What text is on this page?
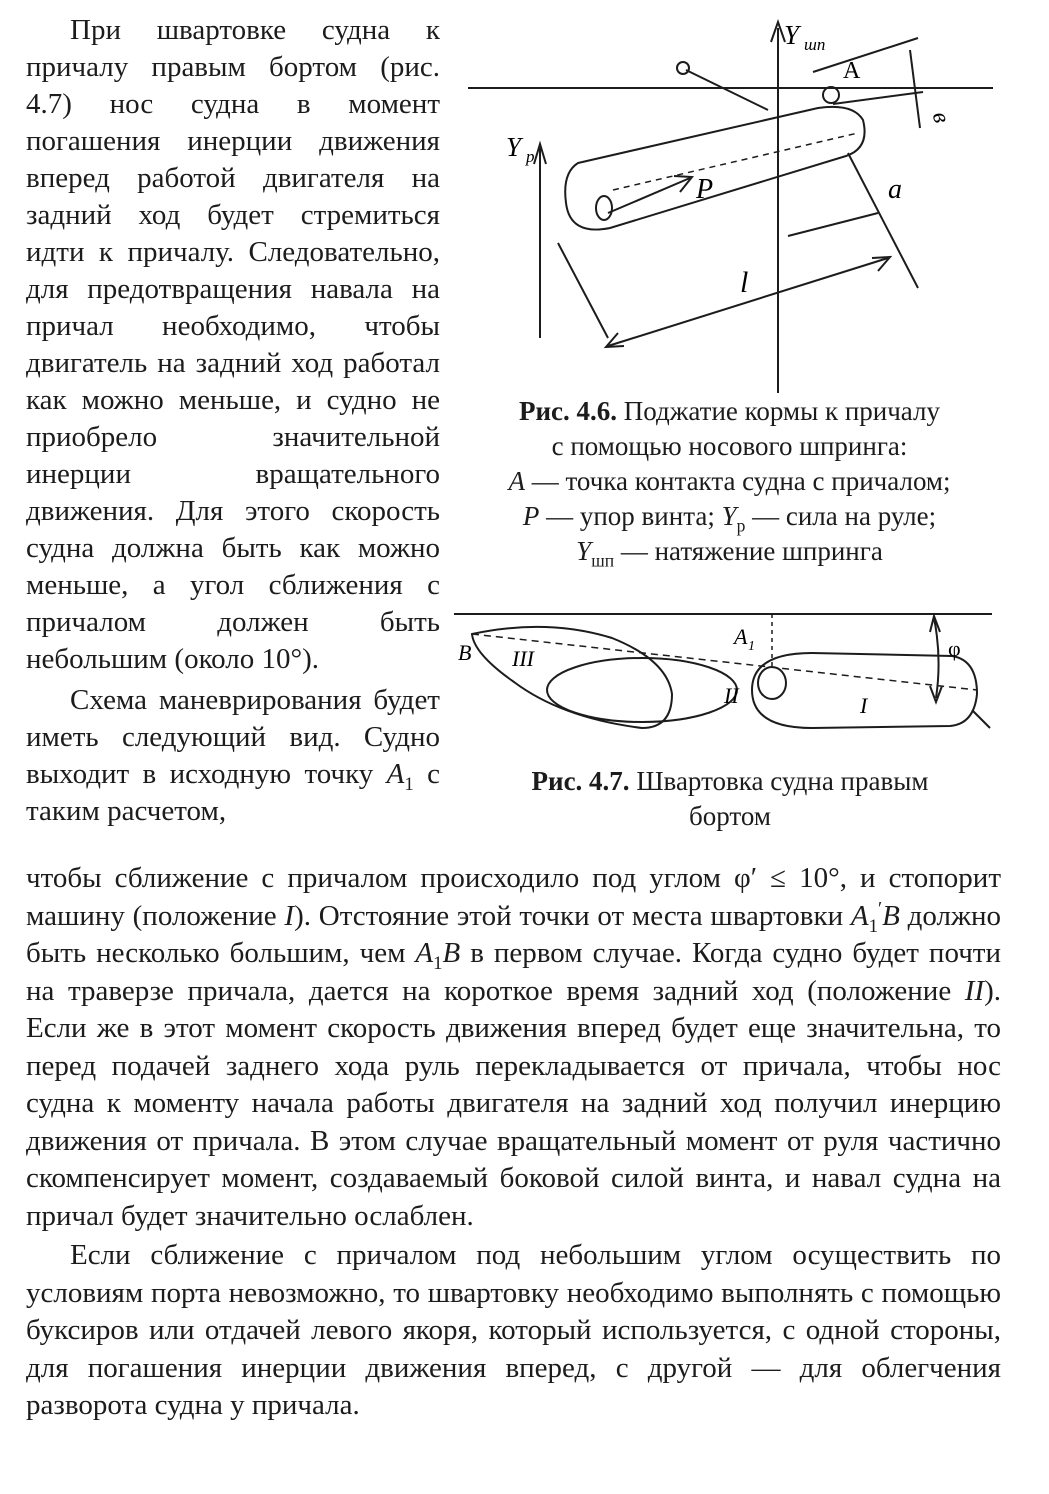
При швартовке судна к причалу правым бортом (рис. 4.7) нос судна в момент погашения инерции движения вперед работой двигателя на задний ход будет стремиться идти к причалу. Следовательно, для предотвращения навала на причал необходимо, чтобы двигатель на задний ход работал как можно меньше, и судно не приобрело значительной инерции вращательного движения. Для этого скорость судна должна быть как можно меньше, а угол сближения с причалом должен быть небольшим (около 10°).

Схема маневрирования будет иметь следующий вид. Судно выходит в исходную точку $A_1$ с таким расчетом,

Y шп
A
Y р
P
в
a
l
Рис. 4.6. Поджатие кормы к причалу
с помощью носового шпринга:
A — точка контакта судна с причалом;
P — упор винта; $Y_р$ — сила на руле;
$Y_{шп}$ — натяжение шпринга
B
A 1	φ
I
II
III
Рис. 4.7. Швартовка судна правым
бортом

чтобы сближение с причалом происходило под углом φ′ ≤ 10°, и стопорит машину (положение I). Отстояние этой точки от места швартовки $A_1'B$ должно быть несколько большим, чем $A_1B$ в первом случае. Когда судно будет почти на траверзе причала, дается на короткое время задний ход (положение II). Если же в этот момент скорость движения вперед будет еще значительна, то перед подачей заднего хода руль перекладывается от причала, чтобы нос судна к моменту начала работы двигателя на задний ход получил инерцию движения от причала. В этом случае вращательный момент от руля частично скомпенсирует момент, создаваемый боковой силой винта, и навал судна на причал будет значительно ослаблен.

Если сближение с причалом под небольшим углом осуществить по условиям порта невозможно, то швартовку необходимо выполнять с помощью буксиров или отдачей левого якоря, который используется, с одной стороны, для погашения инерции движения вперед, с другой — для облегчения разворота судна у причала.
